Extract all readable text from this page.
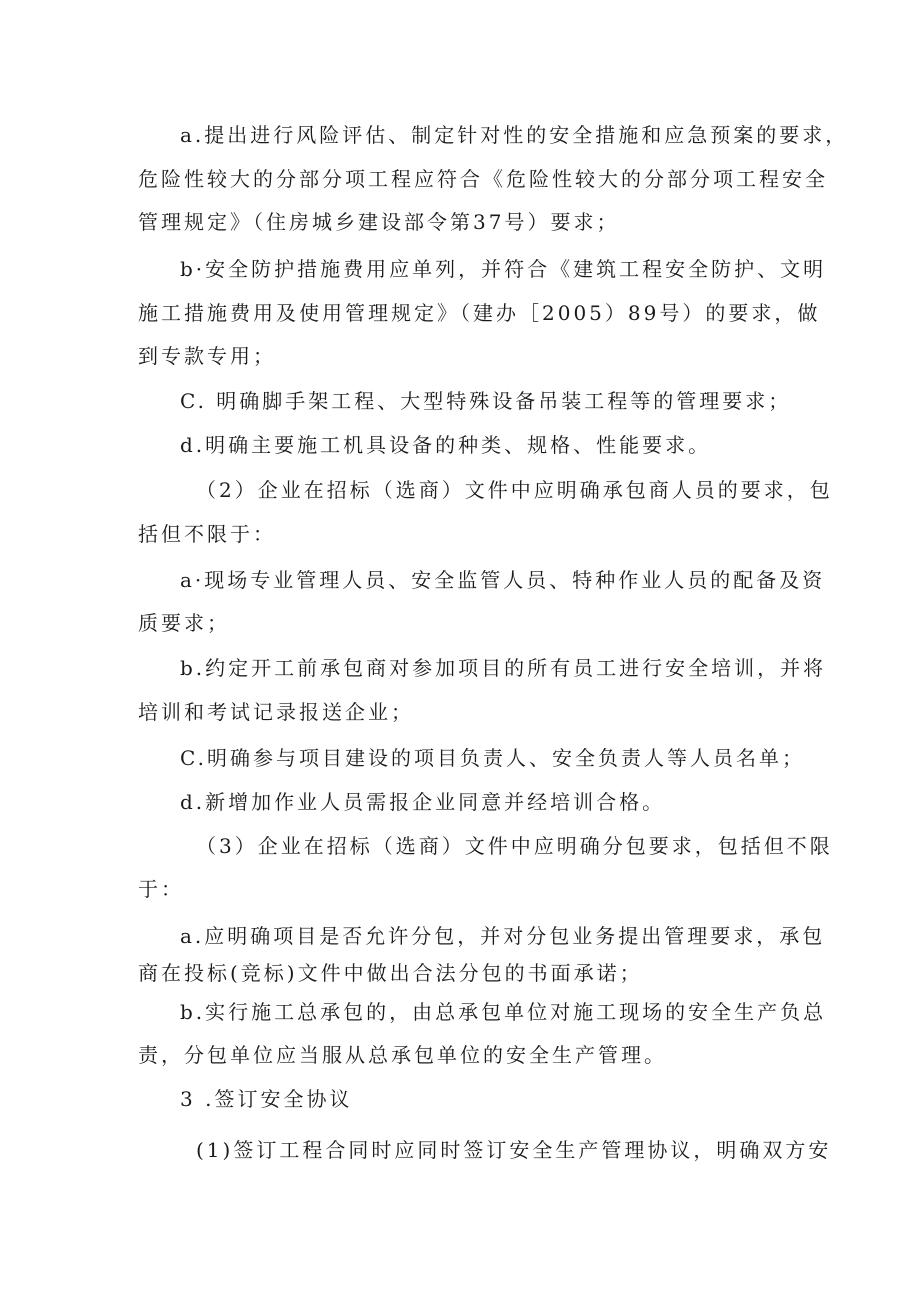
a.提出进行风险评估、制定针对性的安全措施和应急预案的要求，
危险性较大的分部分项工程应符合《危险性较大的分部分项工程安全
管理规定》（住房城乡建设部令第37号）要求；
b·安全防护措施费用应单列，并符合《建筑工程安全防护、文明
施工措施费用及使用管理规定》（建办［2005）89号）的要求，做
到专款专用；
C. 明确脚手架工程、大型特殊设备吊装工程等的管理要求；
d.明确主要施工机具设备的种类、规格、性能要求。
（2）企业在招标（选商）文件中应明确承包商人员的要求，包
括但不限于：
a·现场专业管理人员、安全监管人员、特种作业人员的配备及资
质要求；
b.约定开工前承包商对参加项目的所有员工进行安全培训，并将
培训和考试记录报送企业；
C.明确参与项目建设的项目负责人、安全负责人等人员名单；
d.新增加作业人员需报企业同意并经培训合格。
（3）企业在招标（选商）文件中应明确分包要求，包括但不限
于：
a.应明确项目是否允许分包，并对分包业务提出管理要求，承包
商在投标(竞标)文件中做出合法分包的书面承诺；
b.实行施工总承包的，由总承包单位对施工现场的安全生产负总
责，分包单位应当服从总承包单位的安全生产管理。
3 .签订安全协议
(1)签订工程合同时应同时签订安全生产管理协议，明确双方安
